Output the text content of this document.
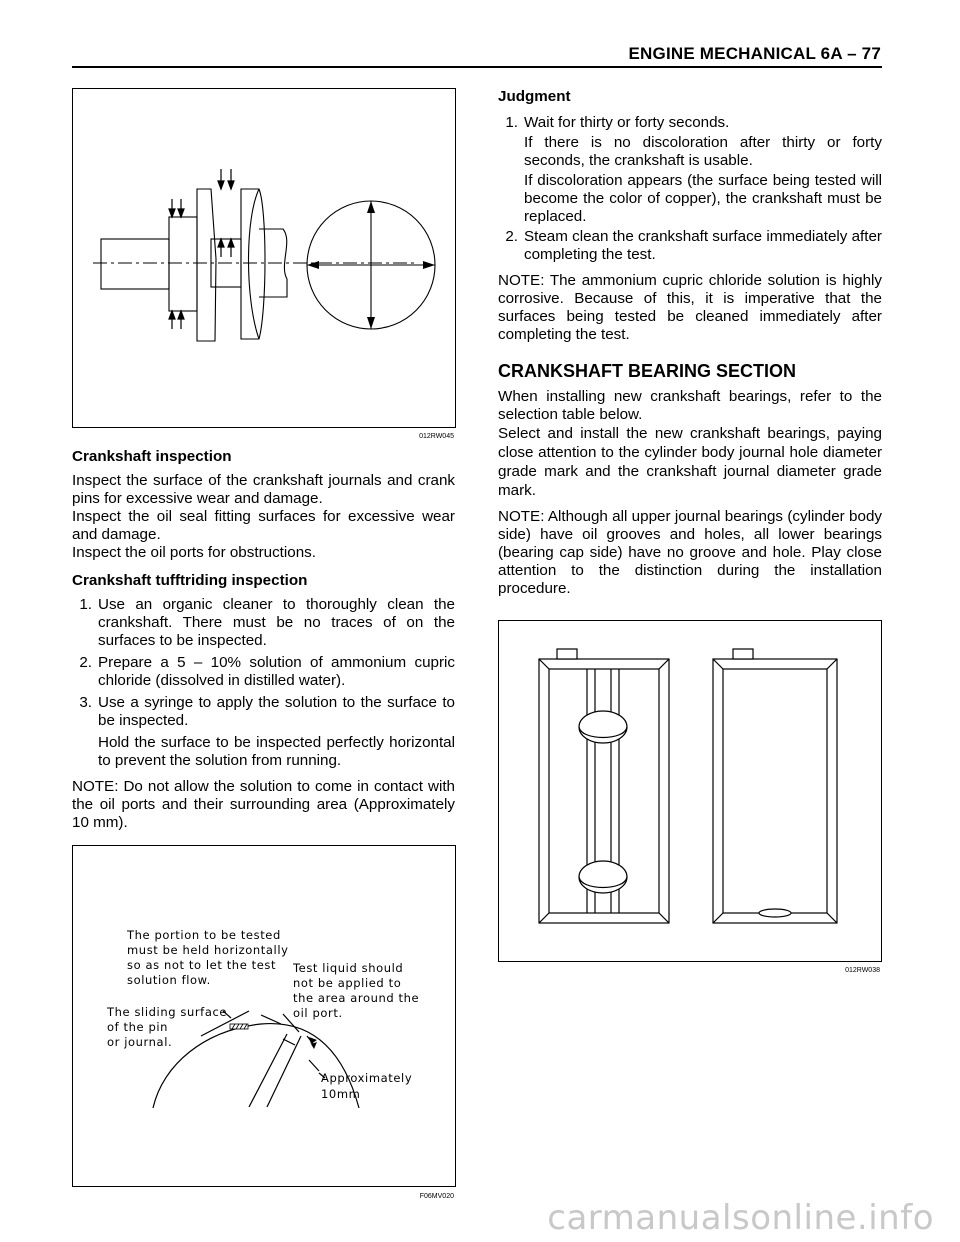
ENGINE MECHANICAL 6A – 77
012RW045

Crankshaft inspection

Inspect the surface of the crankshaft journals and crank pins for excessive wear and damage.

Inspect the oil seal fitting surfaces for excessive wear and damage.

Inspect the oil ports for obstructions.

Crankshaft tufftriding inspection

1. Use an organic cleaner to thoroughly clean the crankshaft. There must be no traces of on the surfaces to be inspected.
2. Prepare a 5 – 10% solution of ammonium cupric chloride (dissolved in distilled water).
3. Use a syringe to apply the solution to the surface to be inspected.

Hold the surface to be inspected perfectly horizontal to prevent the solution from running.

NOTE: Do not allow the solution to come in contact with the oil ports and their surrounding area (Approximately 10 mm).

The portion to be tested
must be held horizontally
so as not to let the test
solution flow.
Test liquid should
not be applied to
the area around the
oil port.
The sliding surface
of the pin
or journal.
Approximately
10mm
F06MV020

Judgment

1. Wait for thirty or forty seconds.

If there is no discoloration after thirty or forty seconds, the crankshaft is usable.

If discoloration appears (the surface being tested will become the color of copper), the crankshaft must be replaced.

2. Steam clean the crankshaft surface immediately after completing the test.

NOTE: The ammonium cupric chloride solution is highly corrosive. Because of this, it is imperative that the surfaces being tested be cleaned immediately after completing the test.

CRANKSHAFT BEARING SECTION

When installing new crankshaft bearings, refer to the selection table below.

Select and install the new crankshaft bearings, paying close attention to the cylinder body journal hole diameter grade mark and the crankshaft journal diameter grade mark.

NOTE: Although all upper journal bearings (cylinder body side) have oil grooves and holes, all lower bearings (bearing cap side) have no groove and hole. Play close attention to the distinction during the installation procedure.

012RW038
carmanualsonline.info
